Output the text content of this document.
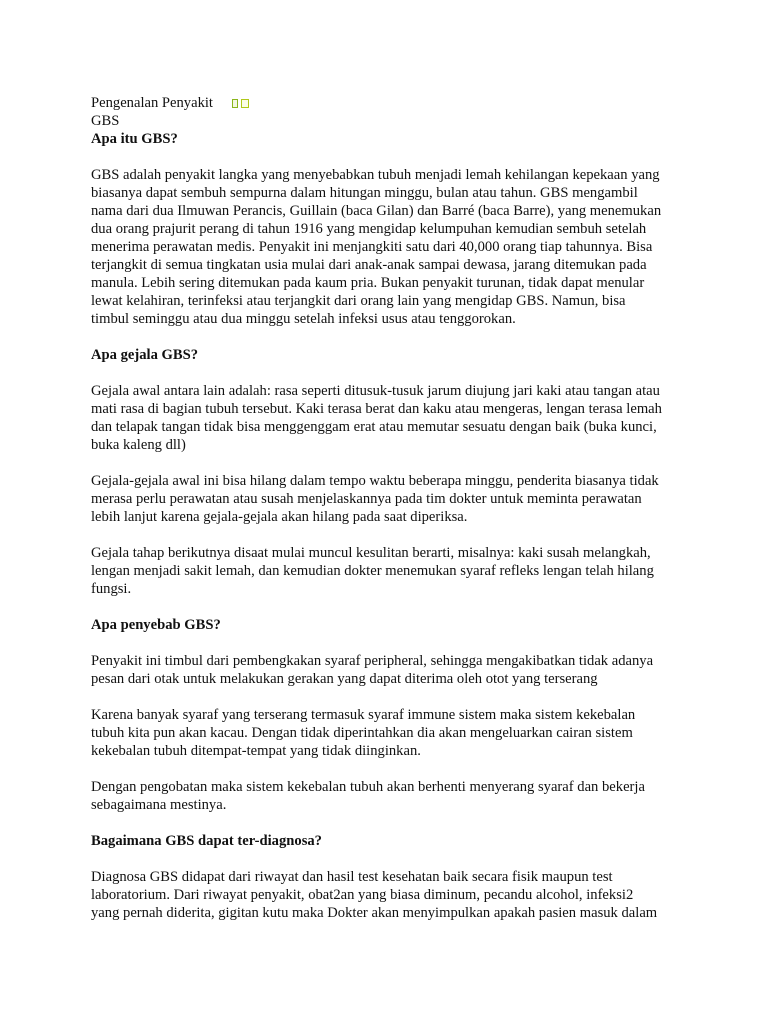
Pengenalan Penyakit
GBS

Apa itu GBS?

GBS adalah penyakit langka yang menyebabkan tubuh menjadi lemah kehilangan kepekaan yang
biasanya dapat sembuh sempurna dalam hitungan minggu, bulan atau tahun. GBS mengambil
nama dari dua Ilmuwan Perancis, Guillain (baca Gilan) dan Barré (baca Barre), yang menemukan
dua orang prajurit perang di tahun 1916 yang mengidap kelumpuhan kemudian sembuh setelah
menerima perawatan medis. Penyakit ini menjangkiti satu dari 40,000 orang tiap tahunnya. Bisa
terjangkit di semua tingkatan usia mulai dari anak-anak sampai dewasa, jarang ditemukan pada
manula. Lebih sering ditemukan pada kaum pria. Bukan penyakit turunan, tidak dapat menular
lewat kelahiran, terinfeksi atau terjangkit dari orang lain yang mengidap GBS. Namun, bisa
timbul seminggu atau dua minggu setelah infeksi usus atau tenggorokan.

Apa gejala GBS?

Gejala awal antara lain adalah: rasa seperti ditusuk-tusuk jarum diujung jari kaki atau tangan atau
mati rasa di bagian tubuh tersebut. Kaki terasa berat dan kaku atau mengeras, lengan terasa lemah
dan telapak tangan tidak bisa menggenggam erat atau memutar sesuatu dengan baik (buka kunci,
buka kaleng dll)

Gejala-gejala awal ini bisa hilang dalam tempo waktu beberapa minggu, penderita biasanya tidak
merasa perlu perawatan atau susah menjelaskannya pada tim dokter untuk meminta perawatan
lebih lanjut karena gejala-gejala akan hilang pada saat diperiksa.

Gejala tahap berikutnya disaat mulai muncul kesulitan berarti, misalnya: kaki susah melangkah,
lengan menjadi sakit lemah, dan kemudian dokter menemukan syaraf refleks lengan telah hilang
fungsi.

Apa penyebab GBS?

Penyakit ini timbul dari pembengkakan syaraf peripheral, sehingga mengakibatkan tidak adanya
pesan dari otak untuk melakukan gerakan yang dapat diterima oleh otot yang terserang

Karena banyak syaraf yang terserang termasuk syaraf immune sistem maka sistem kekebalan
tubuh kita pun akan kacau. Dengan tidak diperintahkan dia akan mengeluarkan cairan sistem
kekebalan tubuh ditempat-tempat yang tidak diinginkan.

Dengan pengobatan maka sistem kekebalan tubuh akan berhenti menyerang syaraf dan bekerja
sebagaimana mestinya.

Bagaimana GBS dapat ter-diagnosa?

Diagnosa GBS didapat dari riwayat dan hasil test kesehatan baik secara fisik maupun test
laboratorium. Dari riwayat penyakit, obat2an yang biasa diminum, pecandu alcohol, infeksi2
yang pernah diderita, gigitan kutu maka Dokter akan menyimpulkan apakah pasien masuk dalam
